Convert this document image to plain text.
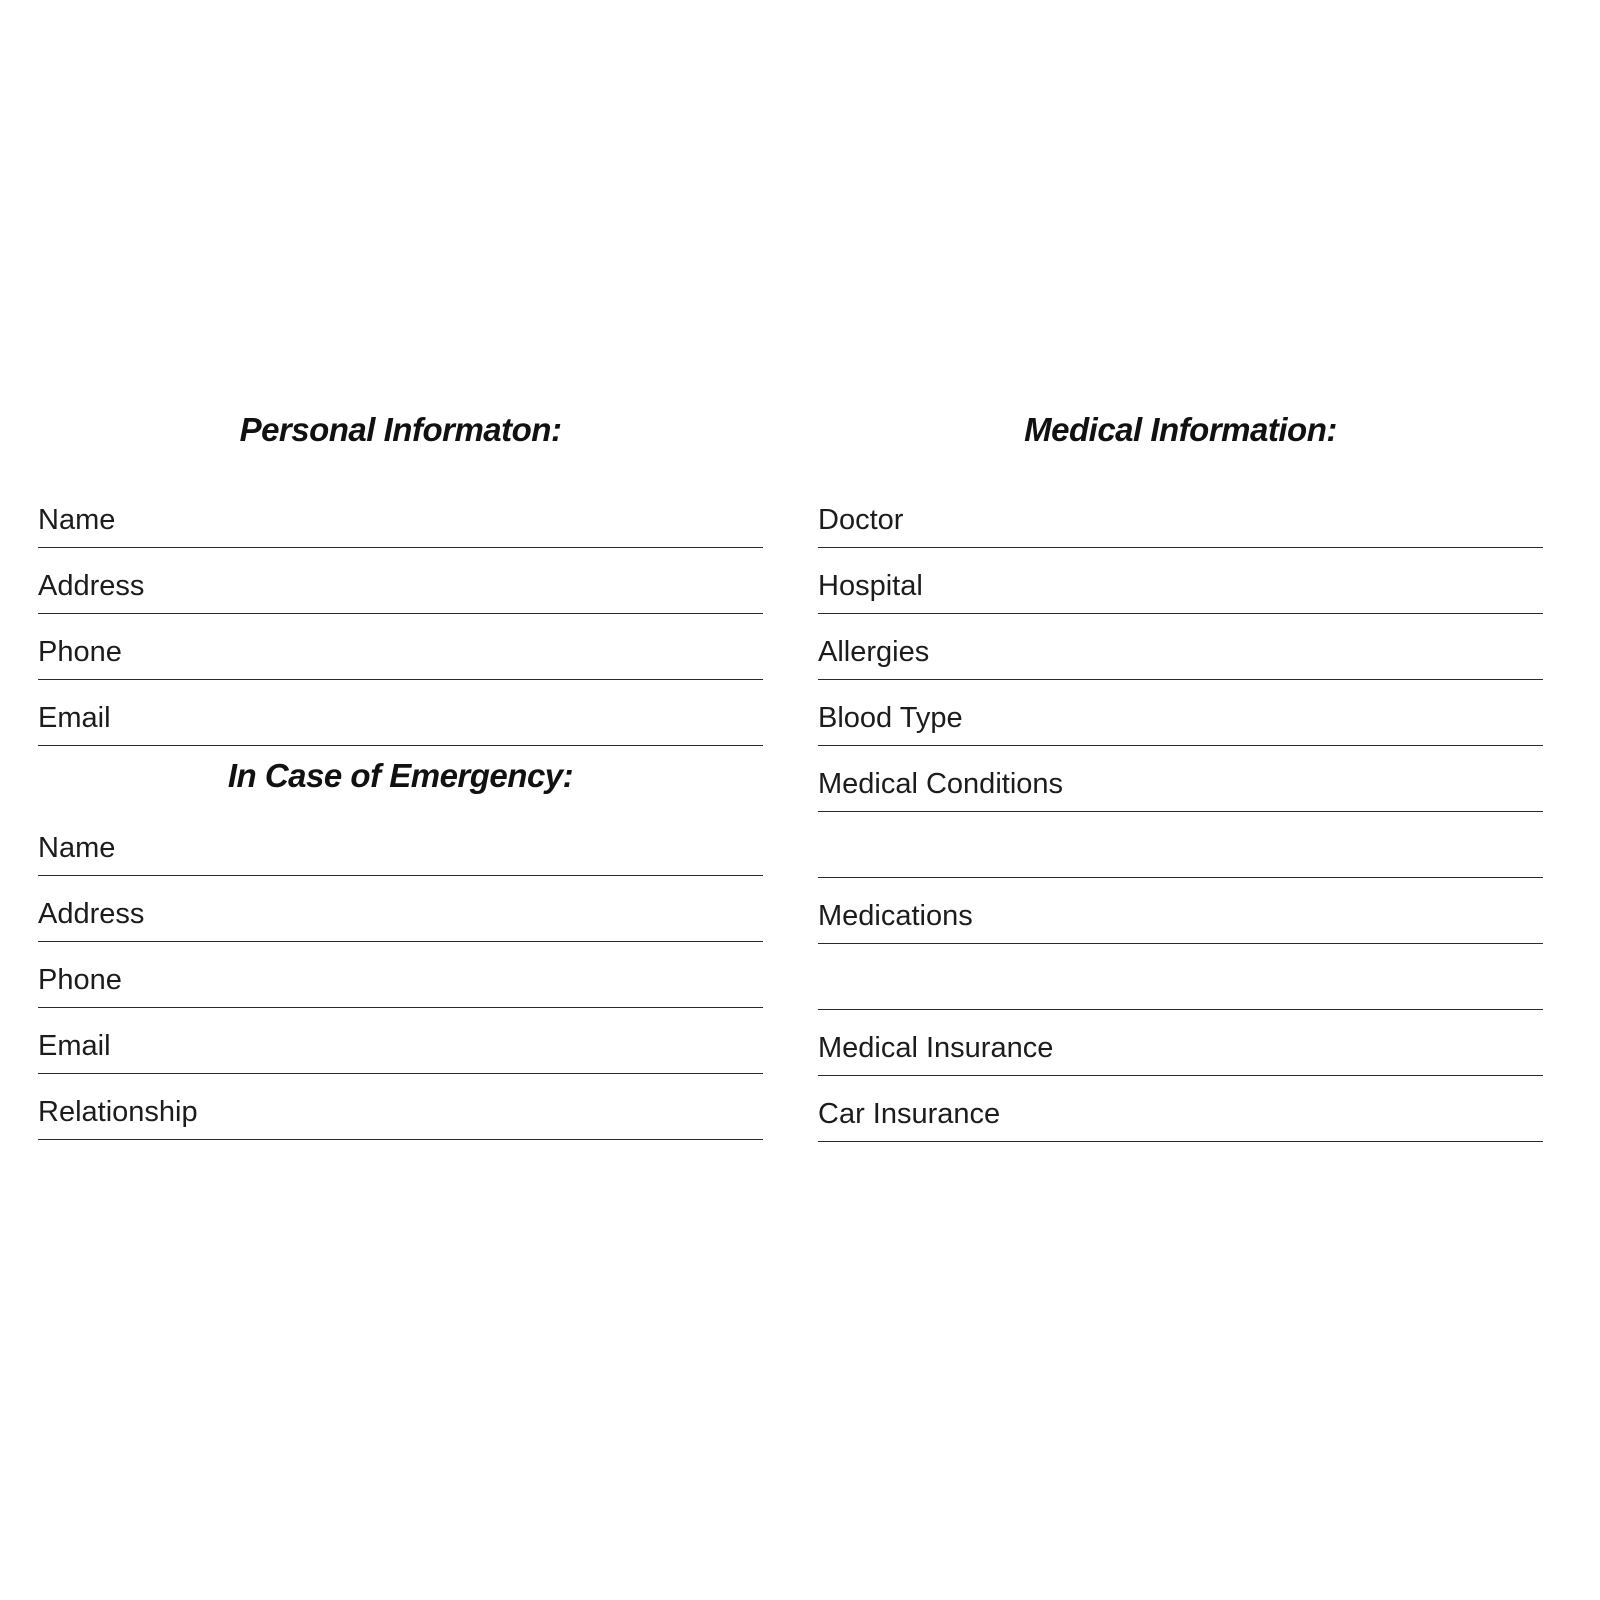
Personal Informaton:
Name
Address
Phone
Email
In Case of Emergency:
Name
Address
Phone
Email
Relationship
Medical Information:
Doctor
Hospital
Allergies
Blood Type
Medical Conditions
Medications
Medical Insurance
Car Insurance
